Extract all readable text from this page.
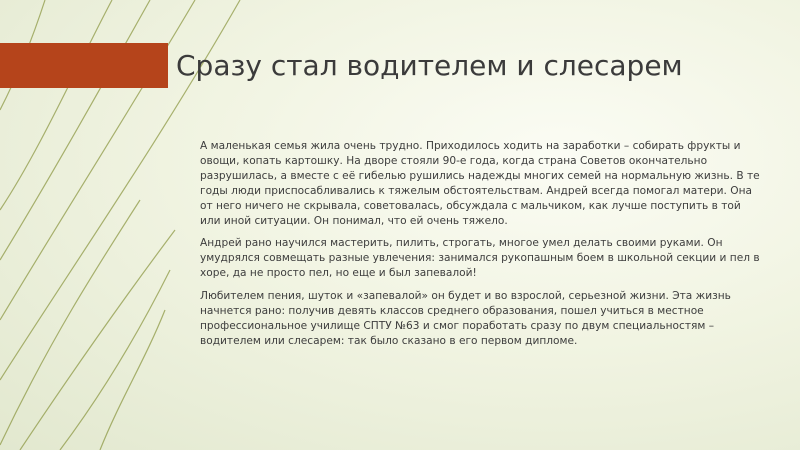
Сразу стал водителем и слесарем
А маленькая семья жила очень трудно. Приходилось ходить на заработки – собирать фрукты и овощи, копать картошку. На дворе стояли 90-е года, когда страна Советов окончательно разрушилась, а вместе с её гибелью рушились надежды многих семей на нормальную жизнь. В те годы люди приспосабливались к тяжелым обстоятельствам. Андрей всегда помогал матери. Она от него ничего не скрывала, советовалась, обсуждала с мальчиком, как лучше поступить в той или иной ситуации. Он понимал, что ей очень тяжело.
Андрей рано научился мастерить, пилить, строгать, многое умел делать своими руками. Он умудрялся совмещать разные увлечения: занимался рукопашным боем в школьной секции и пел в хоре, да не просто пел, но еще и был запевалой!
Любителем пения, шуток и «запевалой» он будет и во взрослой, серьезной жизни. Эта жизнь начнется рано: получив девять классов среднего образования, пошел учиться в местное профессиональное училище СПТУ №63 и смог поработать сразу по двум специальностям – водителем или слесарем: так было сказано в его первом дипломе.
